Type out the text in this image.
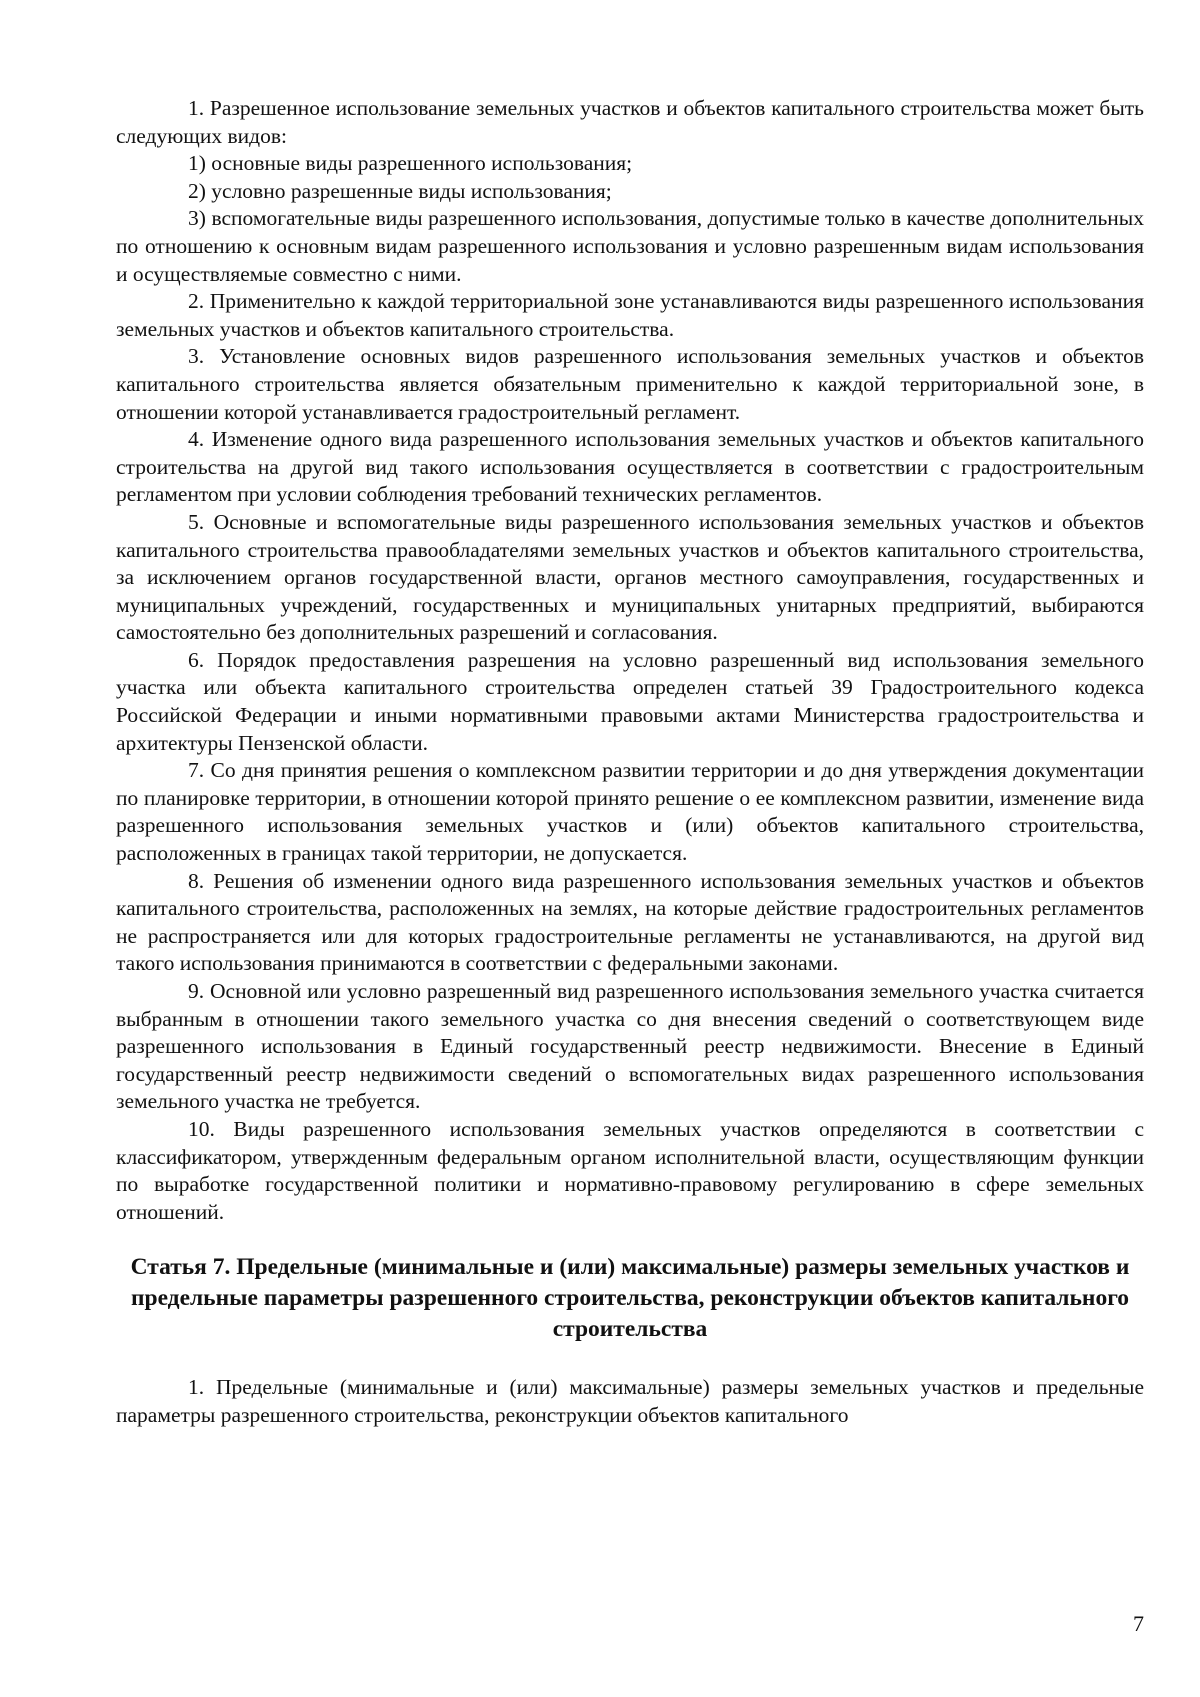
1. Разрешенное использование земельных участков и объектов капитального строительства может быть следующих видов:

1) основные виды разрешенного использования;

2) условно разрешенные виды использования;

3) вспомогательные виды разрешенного использования, допустимые только в качестве дополнительных по отношению к основным видам разрешенного использования и условно разрешенным видам использования и осуществляемые совместно с ними.

2. Применительно к каждой территориальной зоне устанавливаются виды разрешенного использования земельных участков и объектов капитального строительства.

3. Установление основных видов разрешенного использования земельных участков и объектов капитального строительства является обязательным применительно к каждой территориальной зоне, в отношении которой устанавливается градостроительный регламент.

4. Изменение одного вида разрешенного использования земельных участков и объектов капитального строительства на другой вид такого использования осуществляется в соответствии с градостроительным регламентом при условии соблюдения требований технических регламентов.

5. Основные и вспомогательные виды разрешенного использования земельных участков и объектов капитального строительства правообладателями земельных участков и объектов капитального строительства, за исключением органов государственной власти, органов местного самоуправления, государственных и муниципальных учреждений, государственных и муниципальных унитарных предприятий, выбираются самостоятельно без дополнительных разрешений и согласования.

6. Порядок предоставления разрешения на условно разрешенный вид использования земельного участка или объекта капитального строительства определен статьей 39 Градостроительного кодекса Российской Федерации и иными нормативными правовыми актами Министерства градостроительства и архитектуры Пензенской области.

7. Со дня принятия решения о комплексном развитии территории и до дня утверждения документации по планировке территории, в отношении которой принято решение о ее комплексном развитии, изменение вида разрешенного использования земельных участков и (или) объектов капитального строительства, расположенных в границах такой территории, не допускается.

8. Решения об изменении одного вида разрешенного использования земельных участков и объектов капитального строительства, расположенных на землях, на которые действие градостроительных регламентов не распространяется или для которых градостроительные регламенты не устанавливаются, на другой вид такого использования принимаются в соответствии с федеральными законами.

9. Основной или условно разрешенный вид разрешенного использования земельного участка считается выбранным в отношении такого земельного участка со дня внесения сведений о соответствующем виде разрешенного использования в Единый государственный реестр недвижимости. Внесение в Единый государственный реестр недвижимости сведений о вспомогательных видах разрешенного использования земельного участка не требуется.

10. Виды разрешенного использования земельных участков определяются в соответствии с классификатором, утвержденным федеральным органом исполнительной власти, осуществляющим функции по выработке государственной политики и нормативно-правовому регулированию в сфере земельных отношений.

Статья 7. Предельные (минимальные и (или) максимальные) размеры земельных участков и предельные параметры разрешенного строительства, реконструкции объектов капитального строительства

1. Предельные (минимальные и (или) максимальные) размеры земельных участков и предельные параметры разрешенного строительства, реконструкции объектов капитального

7
